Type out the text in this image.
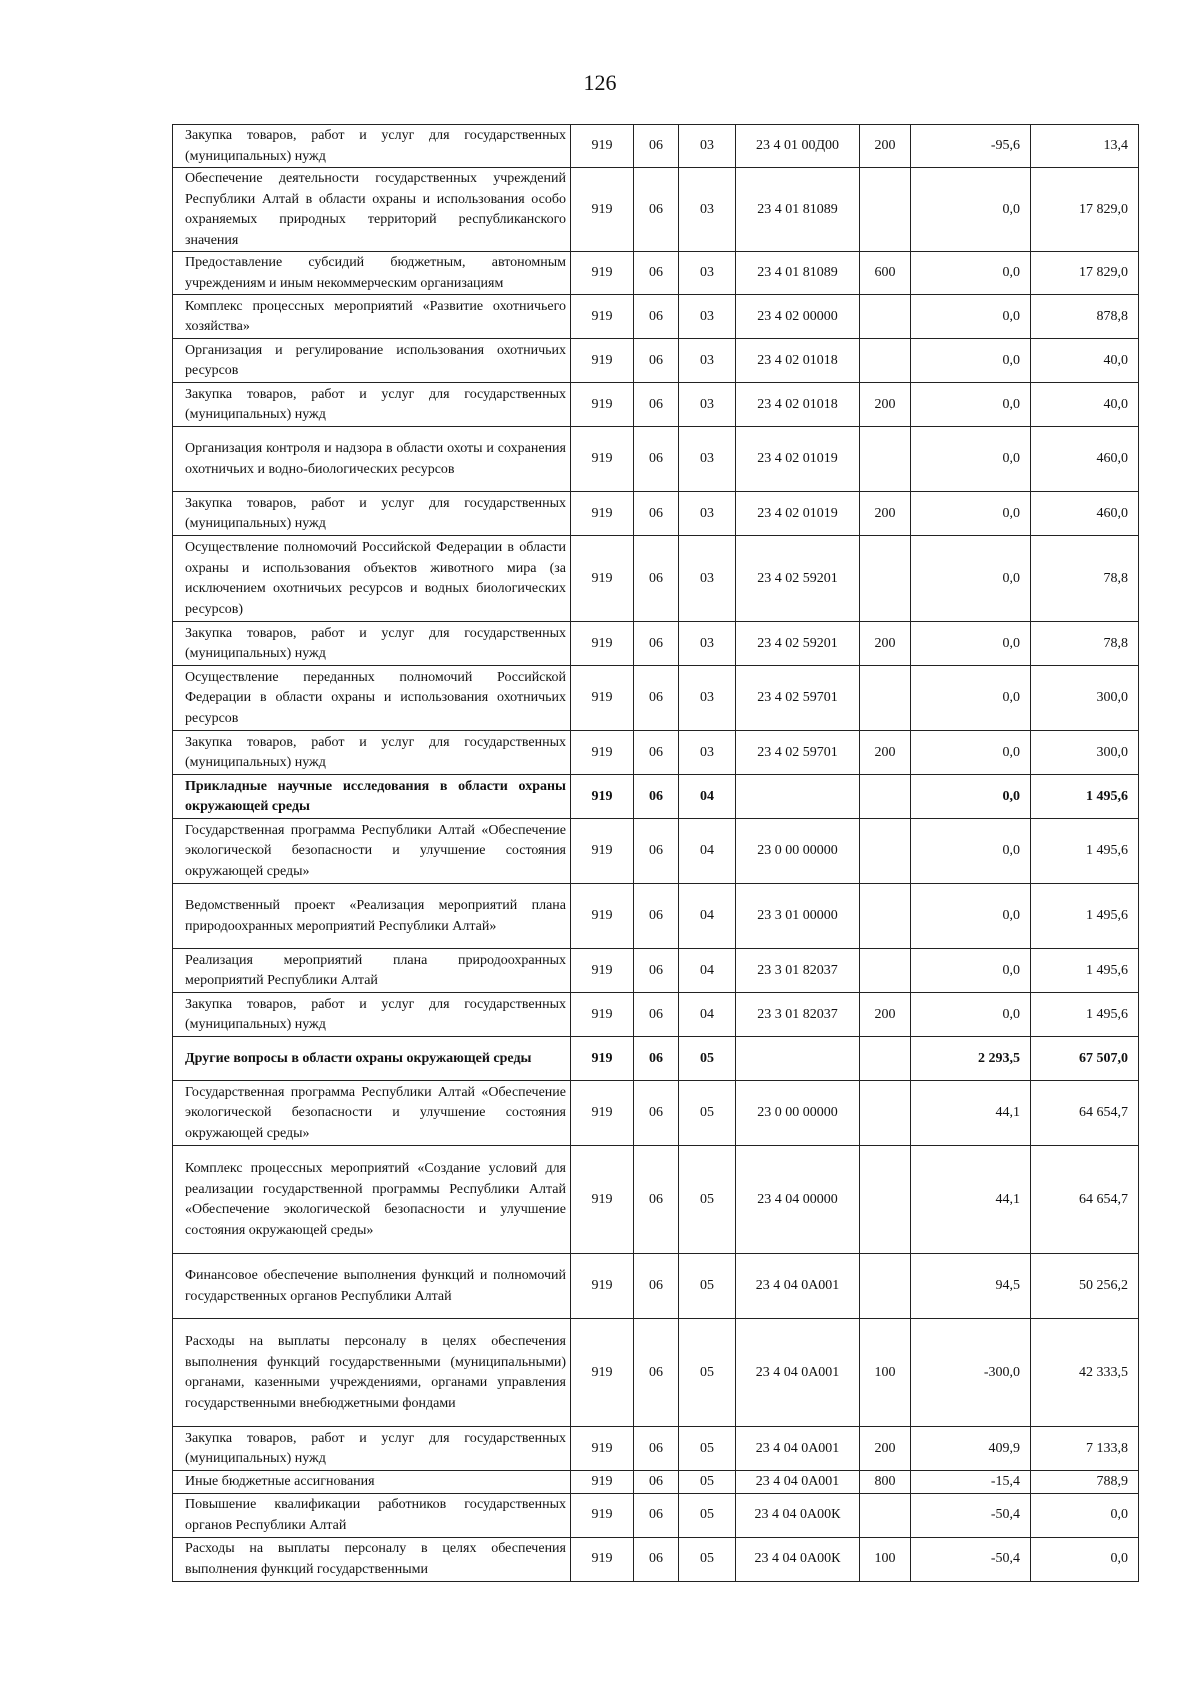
126
Закупка товаров, работ и услуг для государственных (муниципальных) нужд	919	06	03	23 4 01 00Д00	200	-95,6	13,4
Обеспечение деятельности государственных учреждений Республики Алтай в области охраны и использования особо охраняемых природных территорий республиканского значения	919	06	03	23 4 01 81089		0,0	17 829,0
Предоставление субсидий бюджетным, автономным учреждениям и иным некоммерческим организациям	919	06	03	23 4 01 81089	600	0,0	17 829,0
Комплекс процессных мероприятий «Развитие охотничьего хозяйства»	919	06	03	23 4 02 00000		0,0	878,8
Организация и регулирование использования охотничьих ресурсов	919	06	03	23 4 02 01018		0,0	40,0
Закупка товаров, работ и услуг для государственных (муниципальных) нужд	919	06	03	23 4 02 01018	200	0,0	40,0
Организация контроля и надзора в области охоты и сохранения охотничьих и водно-биологических ресурсов	919	06	03	23 4 02 01019		0,0	460,0
Закупка товаров, работ и услуг для государственных (муниципальных) нужд	919	06	03	23 4 02 01019	200	0,0	460,0
Осуществление полномочий Российской Федерации в области охраны и использования объектов животного мира (за исключением охотничьих ресурсов и водных биологических ресурсов)	919	06	03	23 4 02 59201		0,0	78,8
Закупка товаров, работ и услуг для государственных (муниципальных) нужд	919	06	03	23 4 02 59201	200	0,0	78,8
Осуществление переданных полномочий Российской Федерации в области охраны и использования охотничьих ресурсов	919	06	03	23 4 02 59701		0,0	300,0
Закупка товаров, работ и услуг для государственных (муниципальных) нужд	919	06	03	23 4 02 59701	200	0,0	300,0
Прикладные научные исследования в области охраны окружающей среды	919	06	04			0,0	1 495,6
Государственная программа Республики Алтай «Обеспечение экологической безопасности и улучшение состояния окружающей среды»	919	06	04	23 0 00 00000		0,0	1 495,6
Ведомственный проект «Реализация мероприятий плана природоохранных мероприятий Республики Алтай»	919	06	04	23 3 01 00000		0,0	1 495,6
Реализация мероприятий плана природоохранных мероприятий Республики Алтай	919	06	04	23 3 01 82037		0,0	1 495,6
Закупка товаров, работ и услуг для государственных (муниципальных) нужд	919	06	04	23 3 01 82037	200	0,0	1 495,6
Другие вопросы в области охраны окружающей среды	919	06	05			2 293,5	67 507,0
Государственная программа Республики Алтай «Обеспечение экологической безопасности и улучшение состояния окружающей среды»	919	06	05	23 0 00 00000		44,1	64 654,7
Комплекс процессных мероприятий «Создание условий для реализации государственной программы Республики Алтай «Обеспечение экологической безопасности и улучшение состояния окружающей среды»	919	06	05	23 4 04 00000		44,1	64 654,7
Финансовое обеспечение выполнения функций и полномочий государственных органов Республики Алтай	919	06	05	23 4 04 0А001		94,5	50 256,2
Расходы на выплаты персоналу в целях обеспечения выполнения функций государственными (муниципальными) органами, казенными учреждениями, органами управления государственными внебюджетными фондами	919	06	05	23 4 04 0А001	100	-300,0	42 333,5
Закупка товаров, работ и услуг для государственных (муниципальных) нужд	919	06	05	23 4 04 0А001	200	409,9	7 133,8
Иные бюджетные ассигнования	919	06	05	23 4 04 0А001	800	-15,4	788,9
Повышение квалификации работников государственных органов Республики Алтай	919	06	05	23 4 04 0А00К		-50,4	0,0
Расходы на выплаты персоналу в целях обеспечения выполнения функций государственными	919	06	05	23 4 04 0А00К	100	-50,4	0,0
